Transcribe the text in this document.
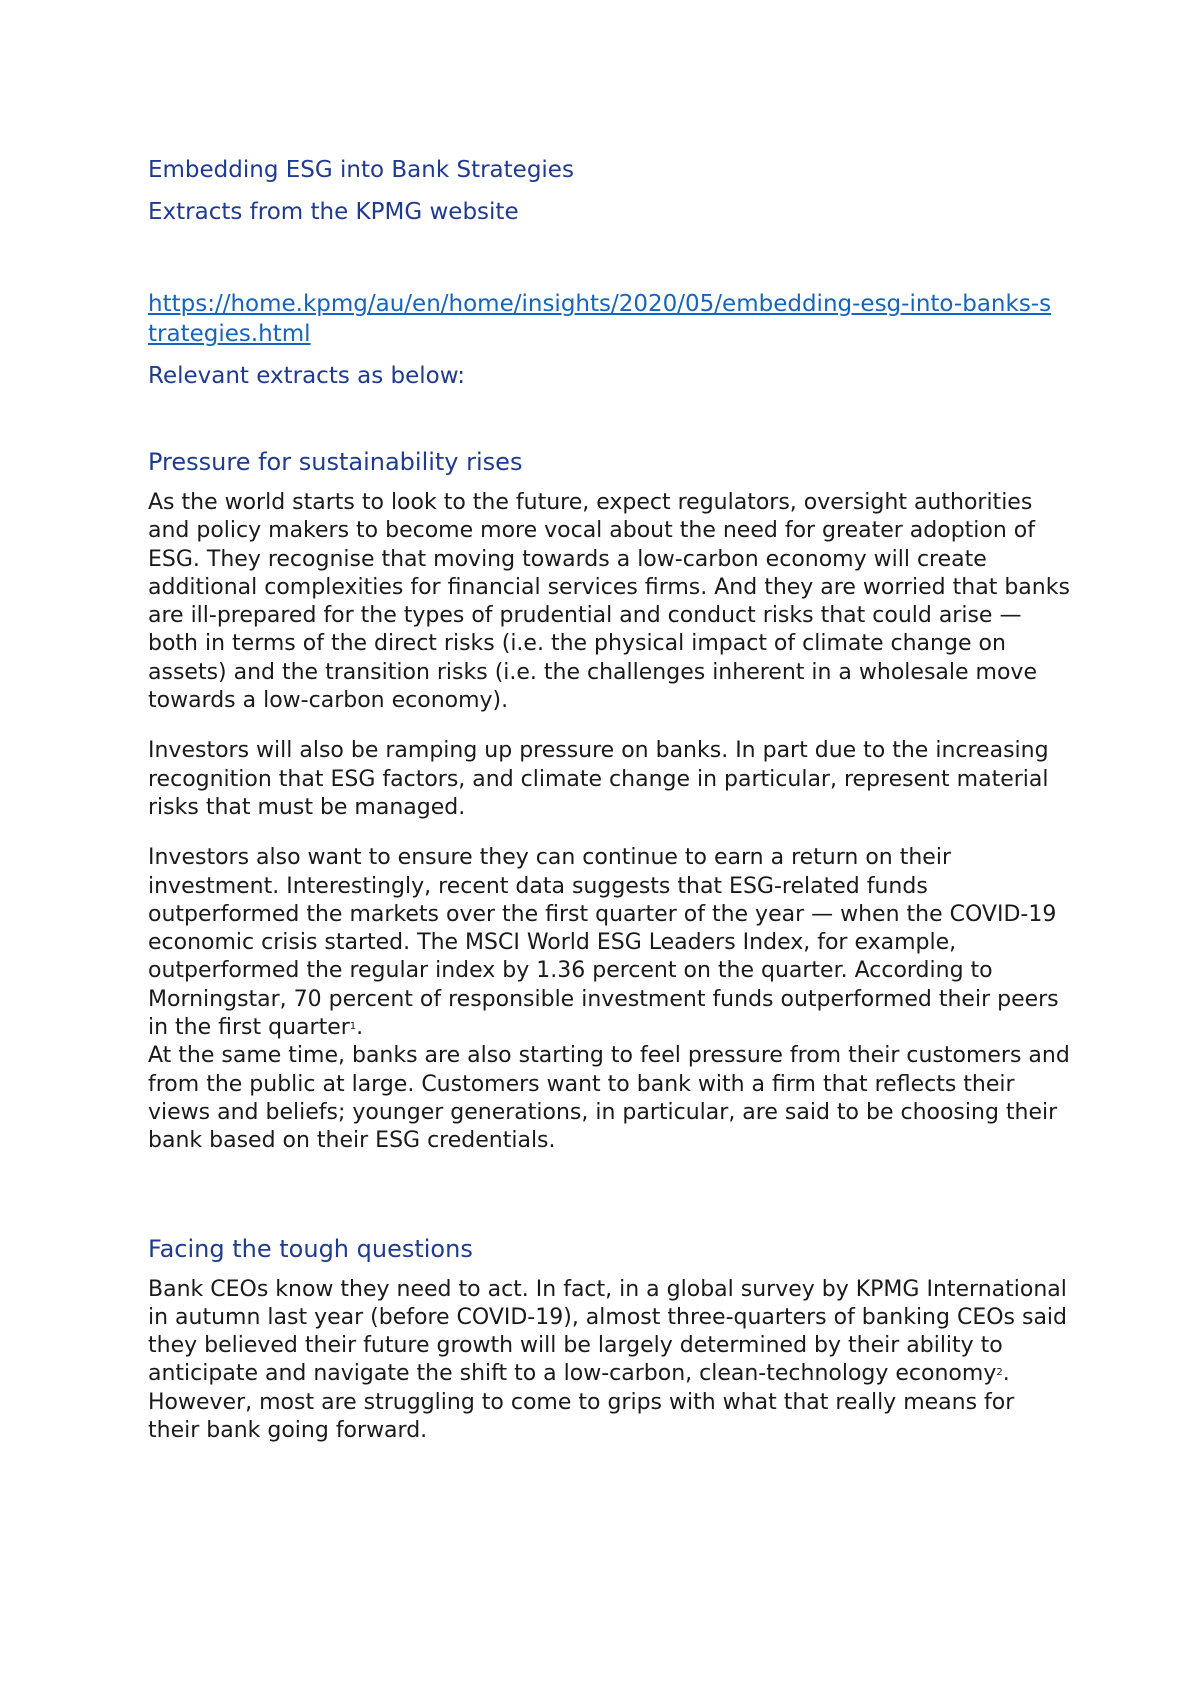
Embedding ESG into Bank Strategies
Extracts from the KPMG website
https://home.kpmg/au/en/home/insights/2020/05/embedding-esg-into-banks-strategies.html
Relevant extracts as below:
Pressure for sustainability rises

As the world starts to look to the future, expect regulators, oversight authorities and policy makers to become more vocal about the need for greater adoption of ESG. They recognise that moving towards a low-carbon economy will create additional complexities for financial services firms. And they are worried that banks are ill-prepared for the types of prudential and conduct risks that could arise — both in terms of the direct risks (i.e. the physical impact of climate change on assets) and the transition risks (i.e. the challenges inherent in a wholesale move towards a low-carbon economy).

Investors will also be ramping up pressure on banks. In part due to the increasing recognition that ESG factors, and climate change in particular, represent material risks that must be managed.

Investors also want to ensure they can continue to earn a return on their investment. Interestingly, recent data suggests that ESG-related funds outperformed the markets over the first quarter of the year — when the COVID-19 economic crisis started. The MSCI World ESG Leaders Index, for example, outperformed the regular index by 1.36 percent on the quarter. According to Morningstar, 70 percent of responsible investment funds outperformed their peers in the first quarter$^1$.

At the same time, banks are also starting to feel pressure from their customers and from the public at large. Customers want to bank with a firm that reflects their views and beliefs; younger generations, in particular, are said to be choosing their bank based on their ESG credentials.

Facing the tough questions

Bank CEOs know they need to act. In fact, in a global survey by KPMG International in autumn last year (before COVID-19), almost three-quarters of banking CEOs said they believed their future growth will be largely determined by their ability to anticipate and navigate the shift to a low-carbon, clean-technology economy$^2$. However, most are struggling to come to grips with what that really means for their bank going forward.
